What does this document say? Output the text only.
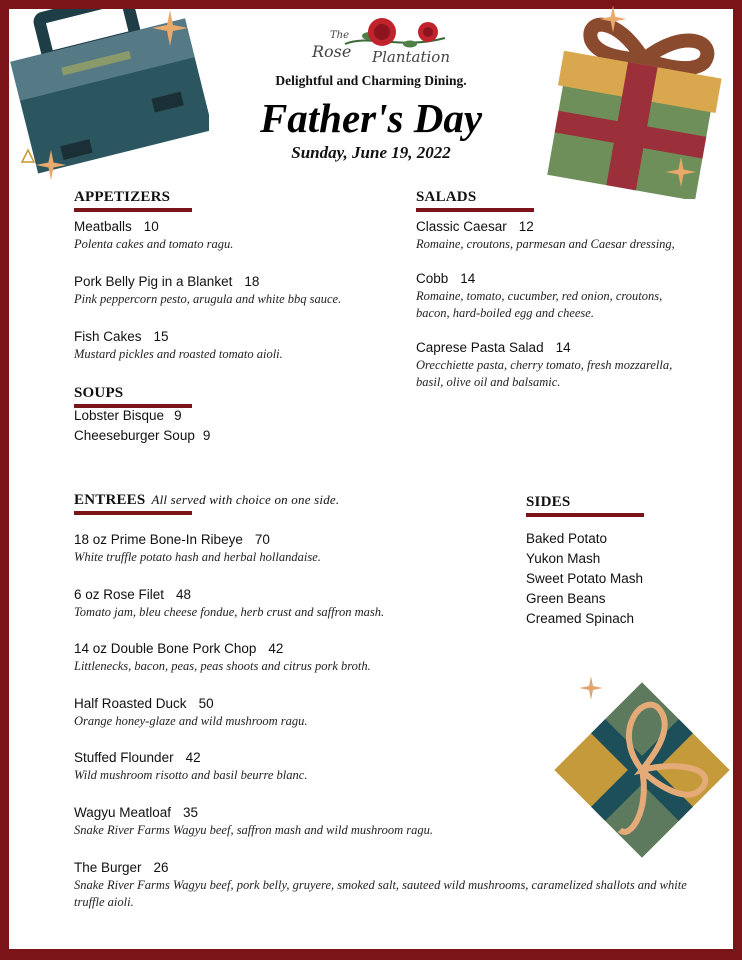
The
Rose Plantation
Delightful and Charming Dining.
Father's Day
Sunday, June 19, 2022
APPETIZERS
Meatballs 10
Polenta cakes and tomato ragu.
Pork Belly Pig in a Blanket 18
Pink peppercorn pesto, arugula and white bbq sauce.
Fish Cakes 15
Mustard pickles and roasted tomato aioli.
SOUPS
Lobster Bisque 9
Cheeseburger Soup 9
SALADS
Classic Caesar 12
Romaine, croutons, parmesan and Caesar dressing,
Cobb 14
Romaine, tomato, cucumber, red onion, croutons, bacon, hard-boiled egg and cheese.
Caprese Pasta Salad 14
Orecchiette pasta, cherry tomato, fresh mozzarella, basil, olive oil and balsamic.
ENTREES All served with choice on one side.
18 oz Prime Bone-In Ribeye 70
White truffle potato hash and herbal hollandaise.
6 oz Rose Filet 48
Tomato jam, bleu cheese fondue, herb crust and saffron mash.
14 oz Double Bone Pork Chop 42
Littlenecks, bacon, peas, peas shoots and citrus pork broth.
Half Roasted Duck 50
Orange honey-glaze and wild mushroom ragu.
Stuffed Flounder 42
Wild mushroom risotto and basil beurre blanc.
Wagyu Meatloaf 35
Snake River Farms Wagyu beef, saffron mash and wild mushroom ragu.
The Burger 26
Snake River Farms Wagyu beef, pork belly, gruyere, smoked salt, sauteed wild mushrooms, caramelized shallots and white truffle aioli.
SIDES
Baked Potato
Yukon Mash
Sweet Potato Mash
Green Beans
Creamed Spinach
